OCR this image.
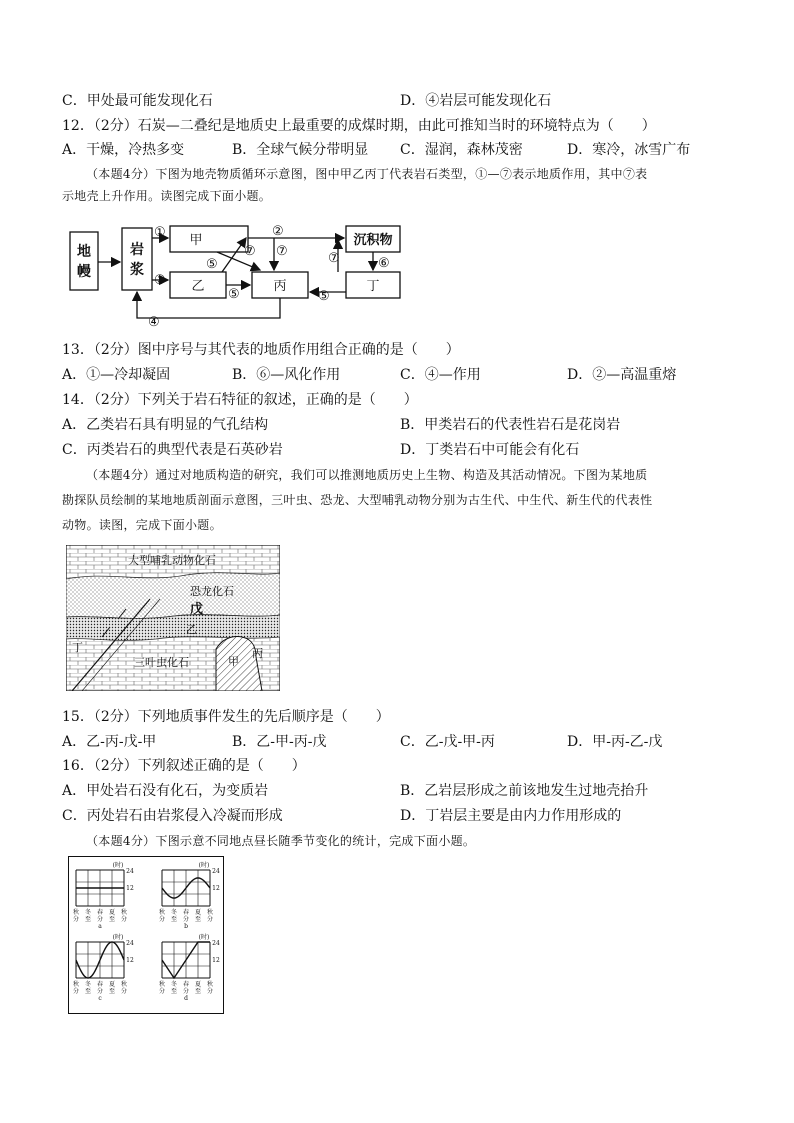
C．甲处最可能发现化石	D．④岩层可能发现化石
12．（2分）石炭—二叠纪是地质史上最重要的成煤时期，由此可推知当时的环境特点为（　　）
A．干燥，冷热多变	B．全球气候分带明显 C．湿润，森林茂密	D．寒冷，冰雪广布
（本题4分）下图为地壳物质循环示意图，图中甲乙丙丁代表岩石类型，①—⑦表示地质作用，其中⑦表
示地壳上升作用。读图完成下面小题。
地
幔
岩
浆
甲
乙	丙
沉积物
丁
①	②
③
④
⑤
⑤	⑤
⑥
⑦ ⑦	⑦
13．（2分）图中序号与其代表的地质作用组合正确的是（　　）
A．①—冷却凝固	B．⑥—风化作用	C．④—作用	D．②—高温重熔
14．（2分）下列关于岩石特征的叙述，正确的是（　　）
A．乙类岩石具有明显的气孔结构	B．甲类岩石的代表性岩石是花岗岩
C．丙类岩石的典型代表是石英砂岩	D．丁类岩石中可能会有化石
（本题4分）通过对地质构造的研究，我们可以推测地质历史上生物、构造及其活动情况。下图为某地质
勘探队员绘制的某地地质剖面示意图，三叶虫、恐龙、大型哺乳动物分别为古生代、中生代、新生代的代表性
动物。读图，完成下面小题。
大型哺乳动物化石
恐龙化石
戊
乙
三叶虫化石	甲
丙
丁
15．（2分）下列地质事件发生的先后顺序是（　　）
A．乙-丙-戊-甲	B．乙-甲-丙-戊	C．乙-戊-甲-丙	D．甲-丙-乙-戊
16．（2分）下列叙述正确的是（　　）
A．甲处岩石没有化石，为变质岩	B．乙岩层形成之前该地发生过地壳抬升
C．丙处岩石由岩浆侵入冷凝而形成	D．丁岩层主要是由内力作用形成的
（本题4分）下图示意不同地点昼长随季节变化的统计，完成下面小题。
(时)
24
12
秋
分
冬
至
春
分
夏
至
秋
分
a
(时)
24
12
秋
分
冬
至
春
分
夏
至
秋
分
b
(时)
24
12
秋
分
冬
至
春
分
夏
至
秋
分
c
(时)
24
12
秋
分
冬
至
春
分
夏
至
秋
分
d
